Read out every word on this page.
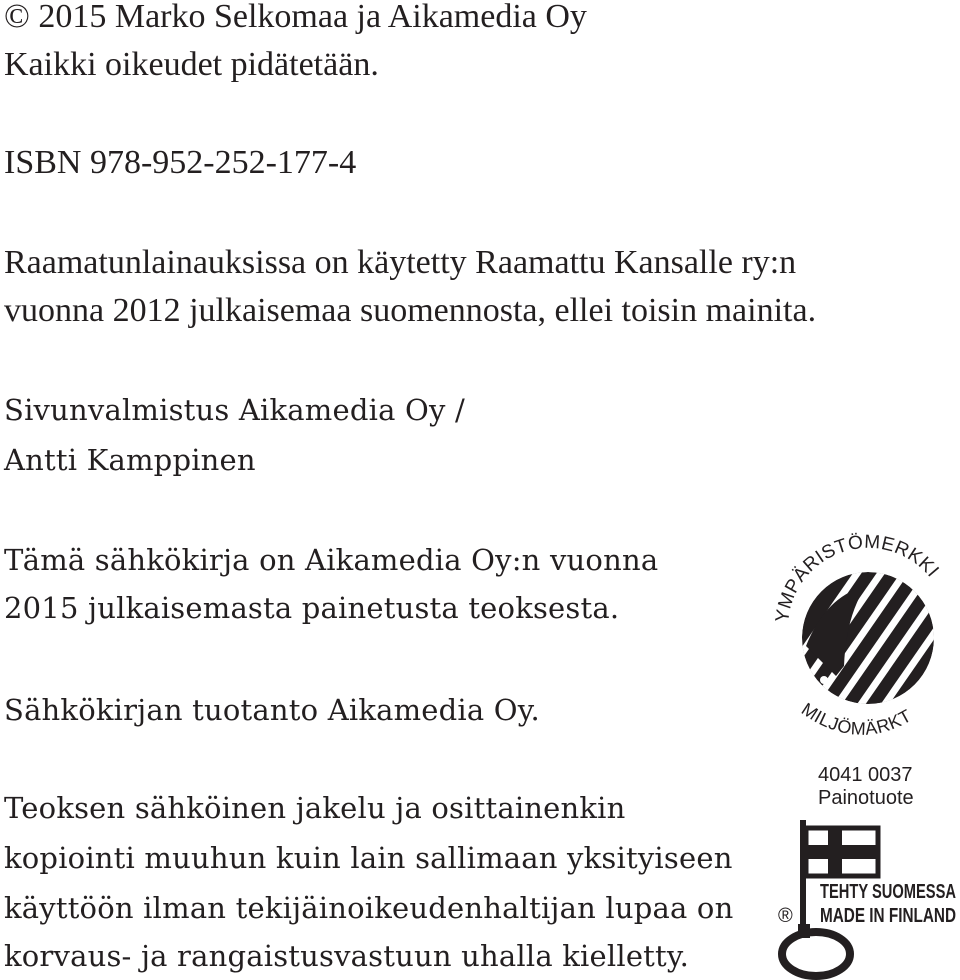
© 2015 Marko Selkomaa ja Aikamedia Oy

Kaikki oikeudet pidätetään.

ISBN 978-952-252-177-4

Raamatunlainauksissa on käytetty Raamattu Kansalle ry:n

vuonna 2012 julkaisemaa suomennosta, ellei toisin mainita.

Sivunvalmistus Aikamedia Oy /

Antti Kamppinen

Tämä sähkökirja on Aikamedia Oy:n vuonna

2015 julkaisemasta painetusta teoksesta.

Sähkökirjan tuotanto Aikamedia Oy.

Teoksen sähköinen jakelu ja osittainenkin

kopiointi muuhun kuin lain sallimaan yksityiseen

käyttöön ilman tekijäinoikeudenhaltijan lupaa on

korvaus- ja rangaistusvastuun uhalla kielletty.

YMPÄRISTÖMERKKI
MILJÖMÄRKT
4041 0037
Painotuote
®
TEHTY SUOMESSA
MADE IN FINLAND
